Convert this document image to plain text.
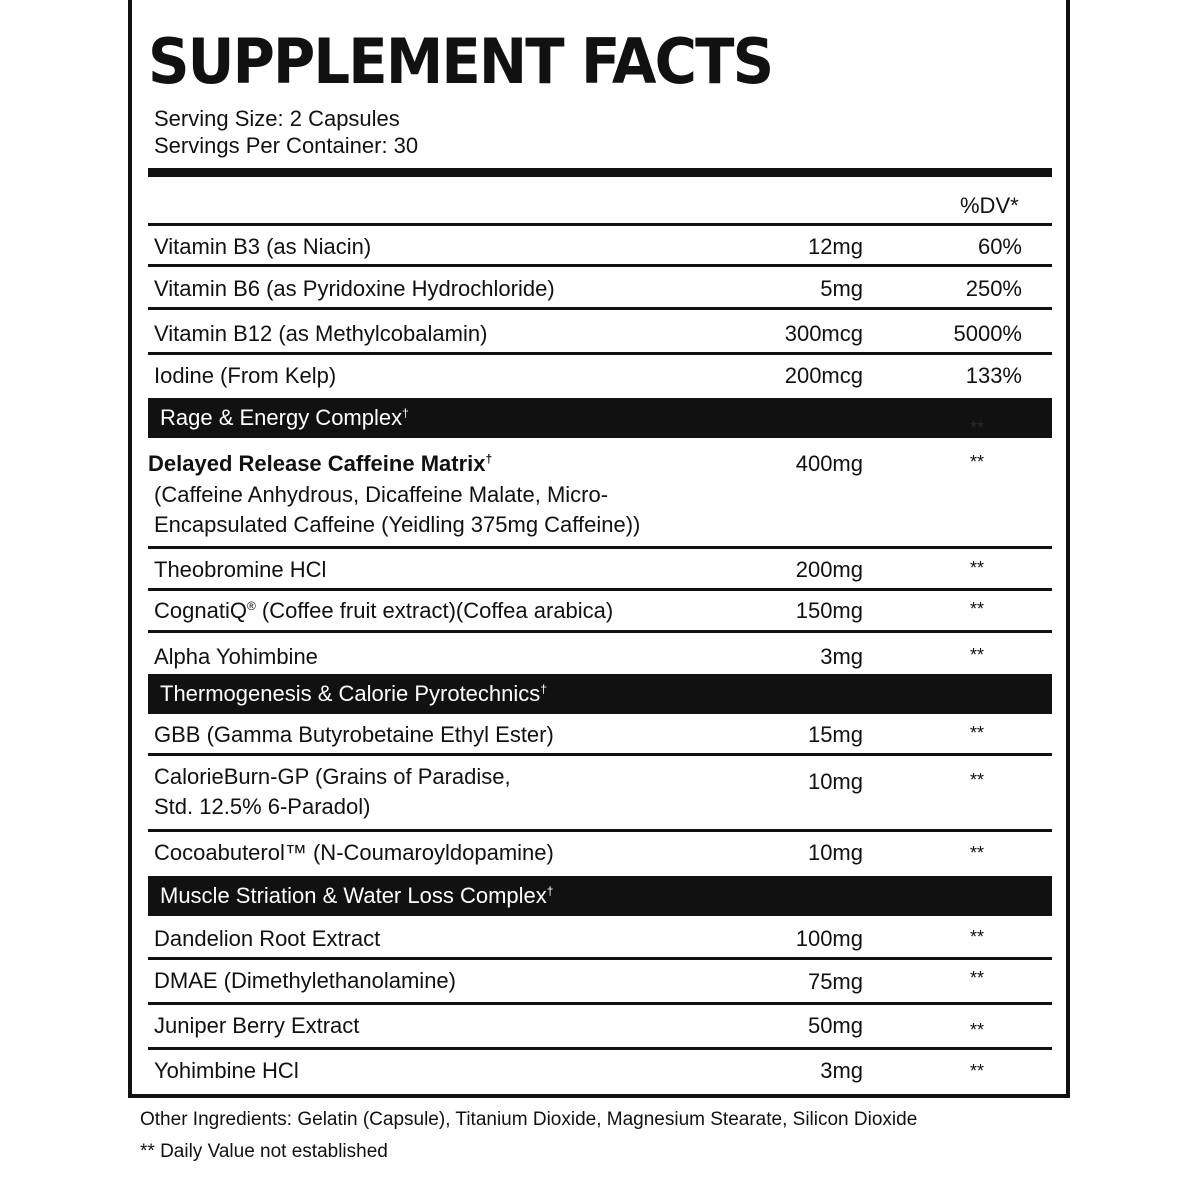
SUPPLEMENT FACTS
Serving Size: 2 Capsules
Servings Per Container: 30
%DV*
Vitamin B3 (as Niacin)	12mg	60%
Vitamin B6 (as Pyridoxine Hydrochloride)	5mg	250%
Vitamin B12 (as Methylcobalamin)	300mcg	5000%
Iodine (From Kelp)	200mcg	133%
Rage & Energy Complex†
**
Delayed Release Caffeine Matrix†	400mg	**
(Caffeine Anhydrous, Dicaffeine Malate, Micro-
Encapsulated Caffeine (Yeidling 375mg Caffeine))
Theobromine HCl	200mg	**
CognatiQ® (Coffee fruit extract)(Coffea arabica)	150mg	**
Alpha Yohimbine	3mg	**
Thermogenesis & Calorie Pyrotechnics†
GBB (Gamma Butyrobetaine Ethyl Ester)	15mg	**
CalorieBurn-GP (Grains of Paradise,
Std. 12.5% 6-Paradol)
10mg	**
Cocoabuterol™ (N-Coumaroyldopamine)	10mg	**
Muscle Striation & Water Loss Complex†
Dandelion Root Extract	100mg	**
DMAE (Dimethylethanolamine)	75mg	**
Juniper Berry Extract	50mg	**
Yohimbine HCl	3mg	**
Other Ingredients: Gelatin (Capsule), Titanium Dioxide, Magnesium Stearate, Silicon Dioxide
** Daily Value not established
